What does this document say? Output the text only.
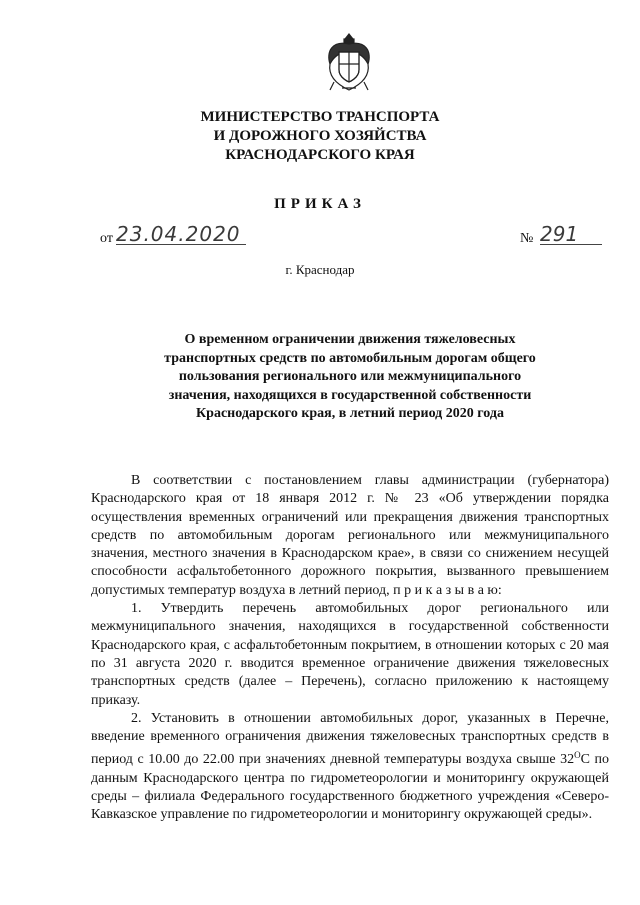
МИНИСТЕРСТВО ТРАНСПОРТА
И ДОРОЖНОГО ХОЗЯЙСТВА
КРАСНОДАРСКОГО КРАЯ
ПРИКАЗ
от 23.04.2020	№ 291
г. Краснодар
О временном ограничении движения тяжеловесных
транспортных средств по автомобильным дорогам общего
пользования регионального или межмуниципального
значения, находящихся в государственной собственности
Краснодарского края, в летний период 2020 года

В соответствии с постановлением главы администрации (губернатора) Краснодарского края от 18 января 2012 г. № 23 «Об утверждении порядка осуществления временных ограничений или прекращения движения транспортных средств по автомобильным дорогам регионального или межмуниципального значения, местного значения в Краснодарском крае», в связи со снижением несущей способности асфальтобетонного дорожного покрытия, вызванного превышением допустимых температур воздуха в летний период, п р и к а з ы в а ю:

1. Утвердить перечень автомобильных дорог регионального или межмуниципального значения, находящихся в государственной собственности Краснодарского края, с асфальтобетонным покрытием, в отношении которых с 20 мая по 31 августа 2020 г. вводится временное ограничение движения тяжеловесных транспортных средств (далее – Перечень), согласно приложению к настоящему приказу.

2. Установить в отношении автомобильных дорог, указанных в Перечне, введение временного ограничения движения тяжеловесных транспортных средств в период с 10.00 до 22.00 при значениях дневной температуры воздуха свыше $32^ОС$ по данным Краснодарского центра по гидрометеорологии и мониторингу окружающей среды – филиала Федерального государственного бюджетного учреждения «Северо-Кавказское управление по гидрометеорологии и мониторингу окружающей среды».
